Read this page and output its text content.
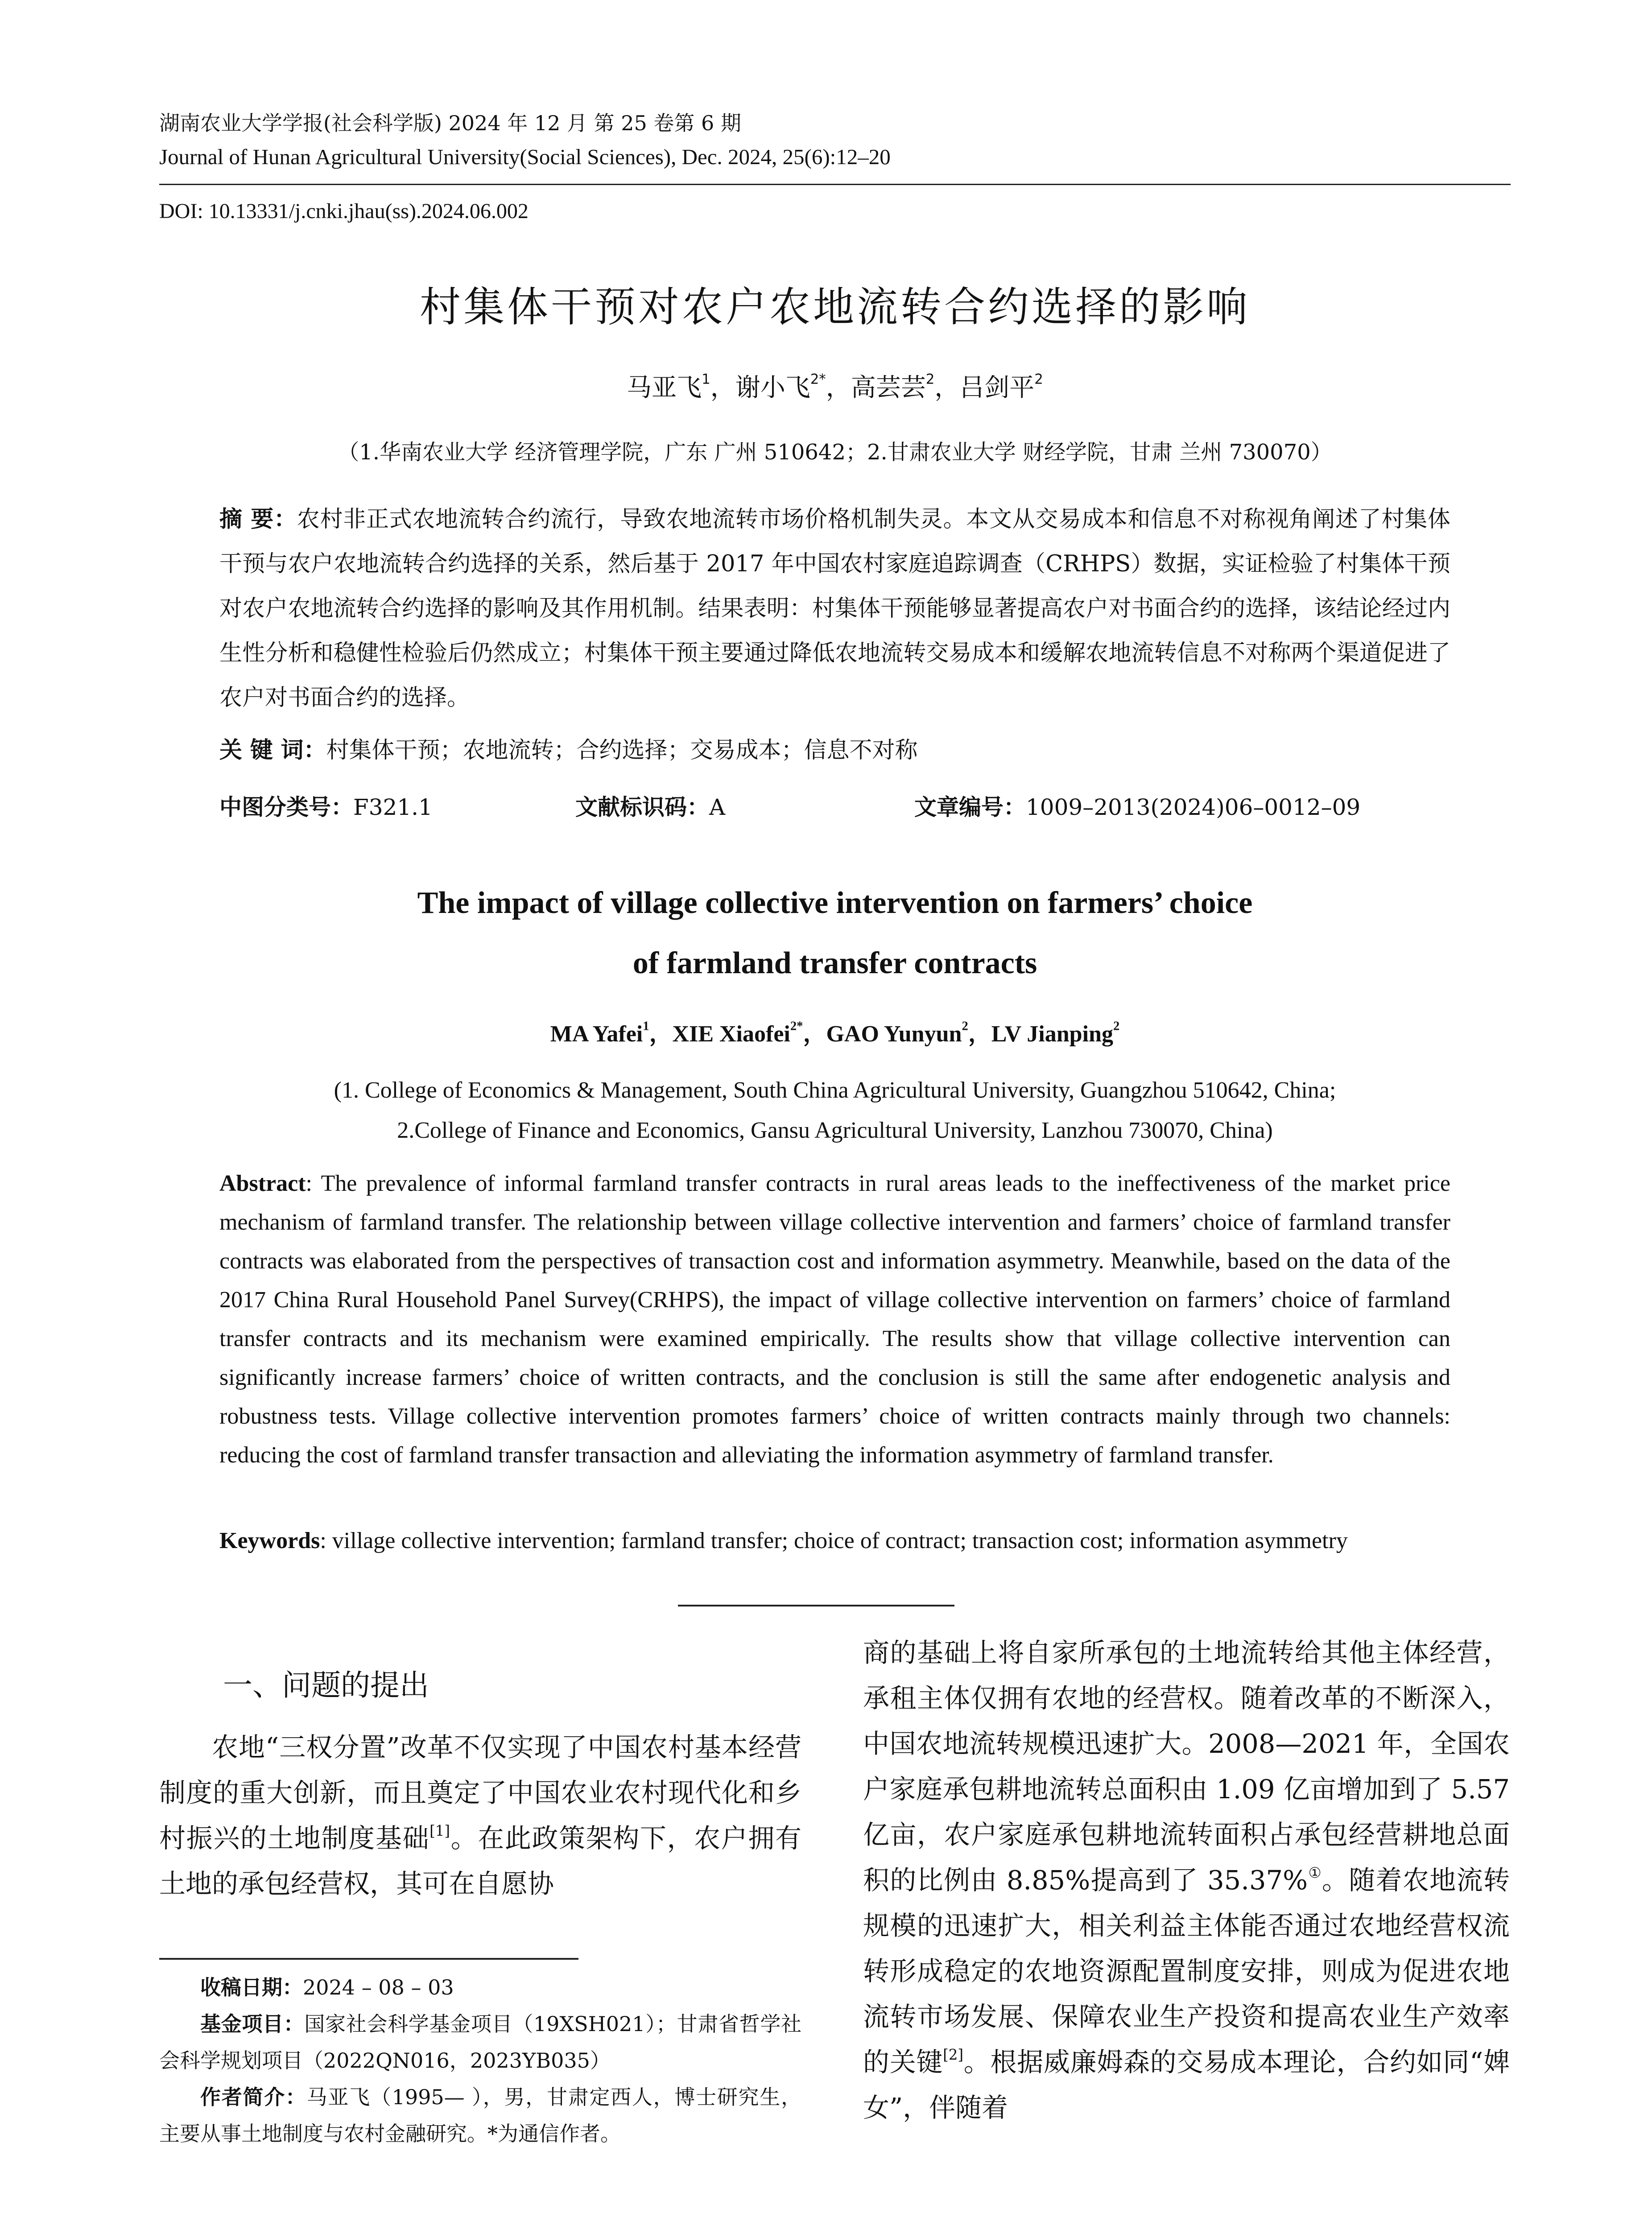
湖南农业大学学报(社会科学版) 2024 年 12 月 第 25 卷第 6 期
Journal of Hunan Agricultural University(Social Sciences), Dec. 2024, 25(6):12–20
DOI: 10.13331/j.cnki.jhau(ss).2024.06.002
村集体干预对农户农地流转合约选择的影响
马亚飞$^1$，谢小飞$^{2*}$，高芸芸$^2$，吕剑平$^2$
（1.华南农业大学 经济管理学院，广东 广州 510642；2.甘肃农业大学 财经学院，甘肃 兰州 730070）
摘 要：农村非正式农地流转合约流行，导致农地流转市场价格机制失灵。本文从交易成本和信息不对称视角阐述了村集体干预与农户农地流转合约选择的关系，然后基于 2017 年中国农村家庭追踪调查（CRHPS）数据，实证检验了村集体干预对农户农地流转合约选择的影响及其作用机制。结果表明：村集体干预能够显著提高农户对书面合约的选择，该结论经过内生性分析和稳健性检验后仍然成立；村集体干预主要通过降低农地流转交易成本和缓解农地流转信息不对称两个渠道促进了农户对书面合约的选择。
关 键 词：村集体干预；农地流转；合约选择；交易成本；信息不对称
中图分类号：F321.1	文献标识码：A	文章编号：1009–2013(2024)06–0012–09
The impact of village collective intervention on farmers’ choice
of farmland transfer contracts
MA Yafei$^1$，XIE Xiaofei$^{2*}$，GAO Yunyun$^2$，LV Jianping$^2$
(1. College of Economics & Management, South China Agricultural University, Guangzhou 510642, China;
2.College of Finance and Economics, Gansu Agricultural University, Lanzhou 730070, China)
Abstract: The prevalence of informal farmland transfer contracts in rural areas leads to the ineffectiveness of the market price mechanism of farmland transfer. The relationship between village collective intervention and farmers’ choice of farmland transfer contracts was elaborated from the perspectives of transaction cost and information asymmetry. Meanwhile, based on the data of the 2017 China Rural Household Panel Survey(CRHPS), the impact of village collective intervention on farmers’ choice of farmland transfer contracts and its mechanism were examined empirically. The results show that village collective intervention can significantly increase farmers’ choice of written contracts, and the conclusion is still the same after endogenetic analysis and robustness tests. Village collective intervention promotes farmers’ choice of written contracts mainly through two channels: reducing the cost of farmland transfer transaction and alleviating the information asymmetry of farmland transfer.
Keywords: village collective intervention; farmland transfer; choice of contract; transaction cost; information asymmetry
一、问题的提出
农地“三权分置”改革不仅实现了中国农村基本经营制度的重大创新，而且奠定了中国农业农村现代化和乡村振兴的土地制度基础[1]。在此政策架构下，农户拥有土地的承包经营权，其可在自愿协
收稿日期：2024 – 08 – 03
基金项目：国家社会科学基金项目（19XSH021）；甘肃省哲学社会科学规划项目（2022QN016，2023YB035）
作者简介：马亚飞（1995— ），男，甘肃定西人，博士研究生，主要从事土地制度与农村金融研究。*为通信作者。
商的基础上将自家所承包的土地流转给其他主体经营，承租主体仅拥有农地的经营权。随着改革的不断深入，中国农地流转规模迅速扩大。2008—2021 年，全国农户家庭承包耕地流转总面积由 1.09 亿亩增加到了 5.57 亿亩，农户家庭承包耕地流转面积占承包经营耕地总面积的比例由 8.85%提高到了 35.37%①。随着农地流转规模的迅速扩大，相关利益主体能否通过农地经营权流转形成稳定的农地资源配置制度安排，则成为促进农地流转市场发展、保障农业生产投资和提高农业生产效率的关键[2]。根据威廉姆森的交易成本理论，合约如同“婢女”，伴随着
